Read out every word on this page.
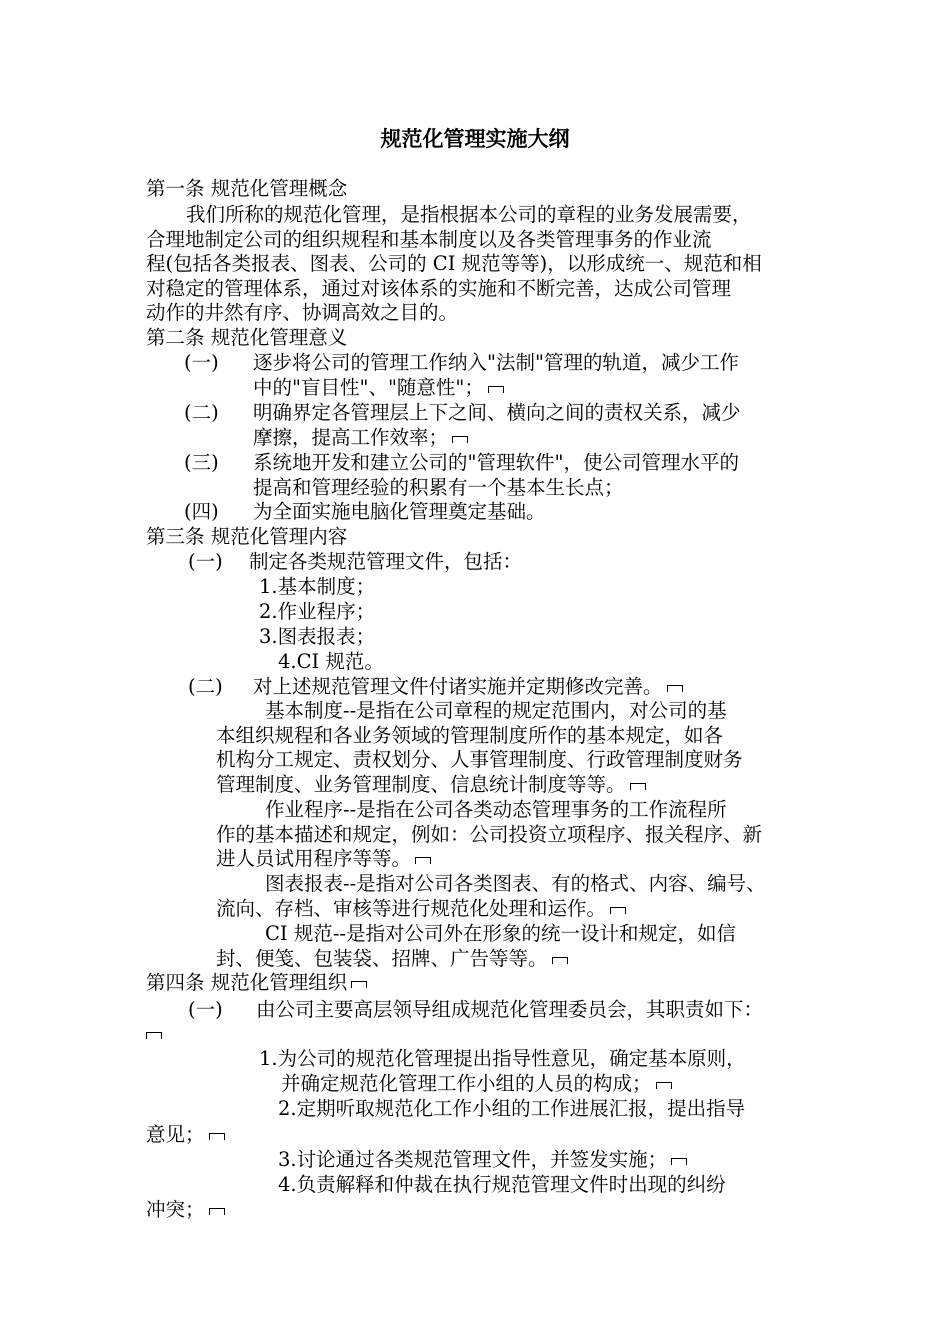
规范化管理实施大纲
第一条 规范化管理概念
我们所称的规范化管理，是指根据本公司的章程的业务发展需要，
合理地制定公司的组织规程和基本制度以及各类管理事务的作业流
程(包括各类报表、图表、公司的 CI 规范等等)，以形成统一、规范和相
对稳定的管理体系，通过对该体系的实施和不断完善，达成公司管理
动作的井然有序、协调高效之目的。
第二条 规范化管理意义
(一) 逐步将公司的管理工作纳入"法制"管理的轨道，减少工作
中的"盲目性"、"随意性"；
(二) 明确界定各管理层上下之间、横向之间的责权关系，减少
摩擦，提高工作效率；
(三) 系统地开发和建立公司的"管理软件"，使公司管理水平的
提高和管理经验的积累有一个基本生长点；
(四) 为全面实施电脑化管理奠定基础。
第三条 规范化管理内容
(一) 制定各类规范管理文件，包括：
1.基本制度；
2.作业程序；
3.图表报表；
4.CI 规范。
(二) 对上述规范管理文件付诸实施并定期修改完善。
基本制度--是指在公司章程的规定范围内，对公司的基
本组织规程和各业务领域的管理制度所作的基本规定，如各
机构分工规定、责权划分、人事管理制度、行政管理制度财务
管理制度、业务管理制度、信息统计制度等等。
作业程序--是指在公司各类动态管理事务的工作流程所
作的基本描述和规定，例如：公司投资立项程序、报关程序、新
进人员试用程序等等。
图表报表--是指对公司各类图表、有的格式、内容、编号、
流向、存档、审核等进行规范化处理和运作。
CI 规范--是指对公司外在形象的统一设计和规定，如信
封、便笺、包装袋、招牌、广告等等。
第四条 规范化管理组织
(一) 由公司主要高层领导组成规范化管理委员会，其职责如下：
1.为公司的规范化管理提出指导性意见，确定基本原则，
并确定规范化管理工作小组的人员的构成；
2.定期听取规范化工作小组的工作进展汇报，提出指导
意见；
3.讨论通过各类规范管理文件，并签发实施；
4.负责解释和仲裁在执行规范管理文件时出现的纠纷
冲突；
